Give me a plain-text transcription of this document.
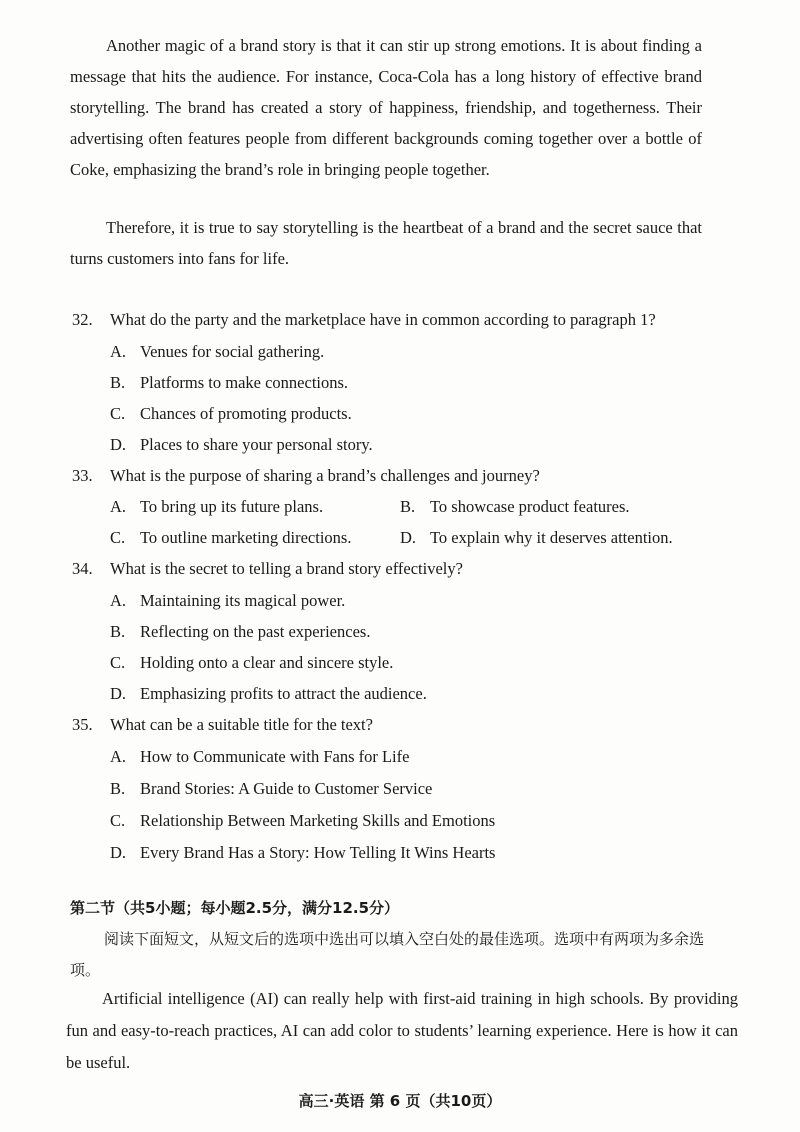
Another magic of a brand story is that it can stir up strong emotions. It is about finding a message that hits the audience. For instance, Coca-Cola has a long history of effective brand storytelling. The brand has created a story of happiness, friendship, and togetherness. Their advertising often features people from different backgrounds coming together over a bottle of Coke, emphasizing the brand’s role in bringing people together.

Therefore, it is true to say storytelling is the heartbeat of a brand and the secret sauce that turns customers into fans for life.

32. What do the party and the marketplace have in common according to paragraph 1?
A. Venues for social gathering.
B. Platforms to make connections.
C. Chances of promoting products.
D. Places to share your personal story.
33. What is the purpose of sharing a brand’s challenges and journey?
A. To bring up its future plans.	B. To showcase product features.
C. To outline marketing directions.	D. To explain why it deserves attention.
34. What is the secret to telling a brand story effectively?
A. Maintaining its magical power.
B. Reflecting on the past experiences.
C. Holding onto a clear and sincere style.
D. Emphasizing profits to attract the audience.
35. What can be a suitable title for the text?
A. How to Communicate with Fans for Life
B. Brand Stories: A Guide to Customer Service
C. Relationship Between Marketing Skills and Emotions
D. Every Brand Has a Story: How Telling It Wins Hearts

第二节（共5小题；每小题2.5分，满分12.5分）

阅读下面短文，从短文后的选项中选出可以填入空白处的最佳选项。选项中有两项为多余选项。

Artificial intelligence (AI) can really help with first-aid training in high schools. By providing fun and easy-to-reach practices, AI can add color to students’ learning experience. Here is how it can be useful.

高三·英语 第 6 页（共10页）
